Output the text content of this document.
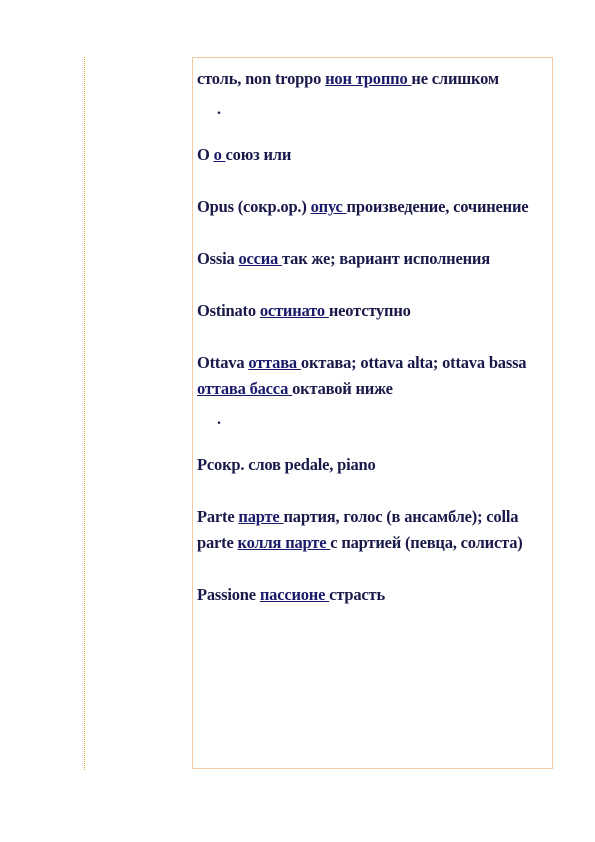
столь, non troppo нон троппо не слишком
.
O о союз или
Opus (сокр.ор.) опус произведение, сочинение
Ossia оссиа так же; вариант исполнения
Ostinato остинато неотступно
Ottava оттава октава; ottava alta; ottava bassa оттава басса октавой ниже
.
Pсокр. слов pedale, piano
Parte парте партия, голос (в ансамбле); colla parte колля парте с партией (певца, солиста)
Passione пассионе страсть
